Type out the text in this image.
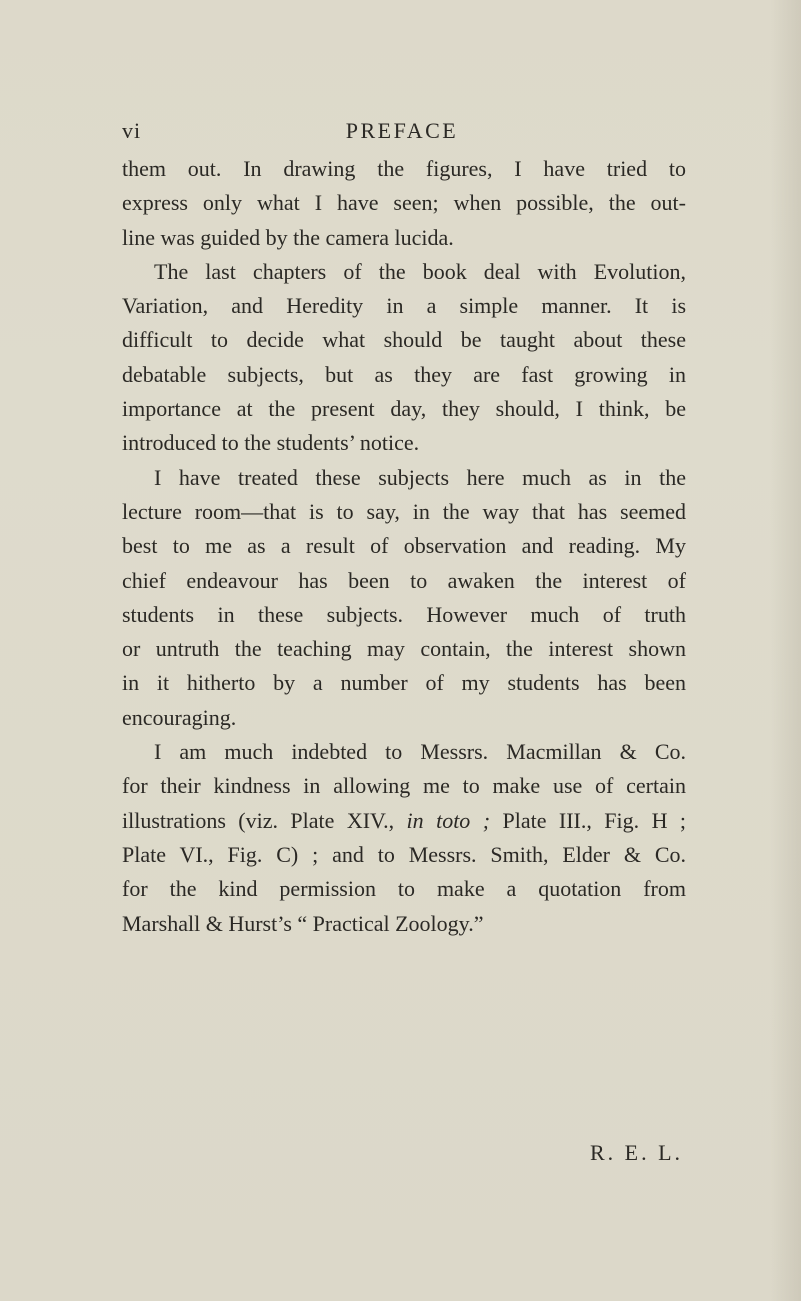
vi	PREFACE
them out. In drawing the figures, I have tried to
express only what I have seen; when possible, the out-
line was guided by the camera lucida.
The last chapters of the book deal with Evolution,
Variation, and Heredity in a simple manner. It is
difficult to decide what should be taught about these
debatable subjects, but as they are fast growing in
importance at the present day, they should, I think, be
introduced to the students’ notice.
I have treated these subjects here much as in the
lecture room—that is to say, in the way that has seemed
best to me as a result of observation and reading. My
chief endeavour has been to awaken the interest of
students in these subjects. However much of truth
or untruth the teaching may contain, the interest shown
in it hitherto by a number of my students has been
encouraging.
I am much indebted to Messrs. Macmillan & Co.
for their kindness in allowing me to make use of certain
illustrations (viz. Plate XIV., in toto ; Plate III., Fig. H ;
Plate VI., Fig. C) ; and to Messrs. Smith, Elder & Co.
for the kind permission to make a quotation from
Marshall & Hurst’s “ Practical Zoology.”
R. E. L.
